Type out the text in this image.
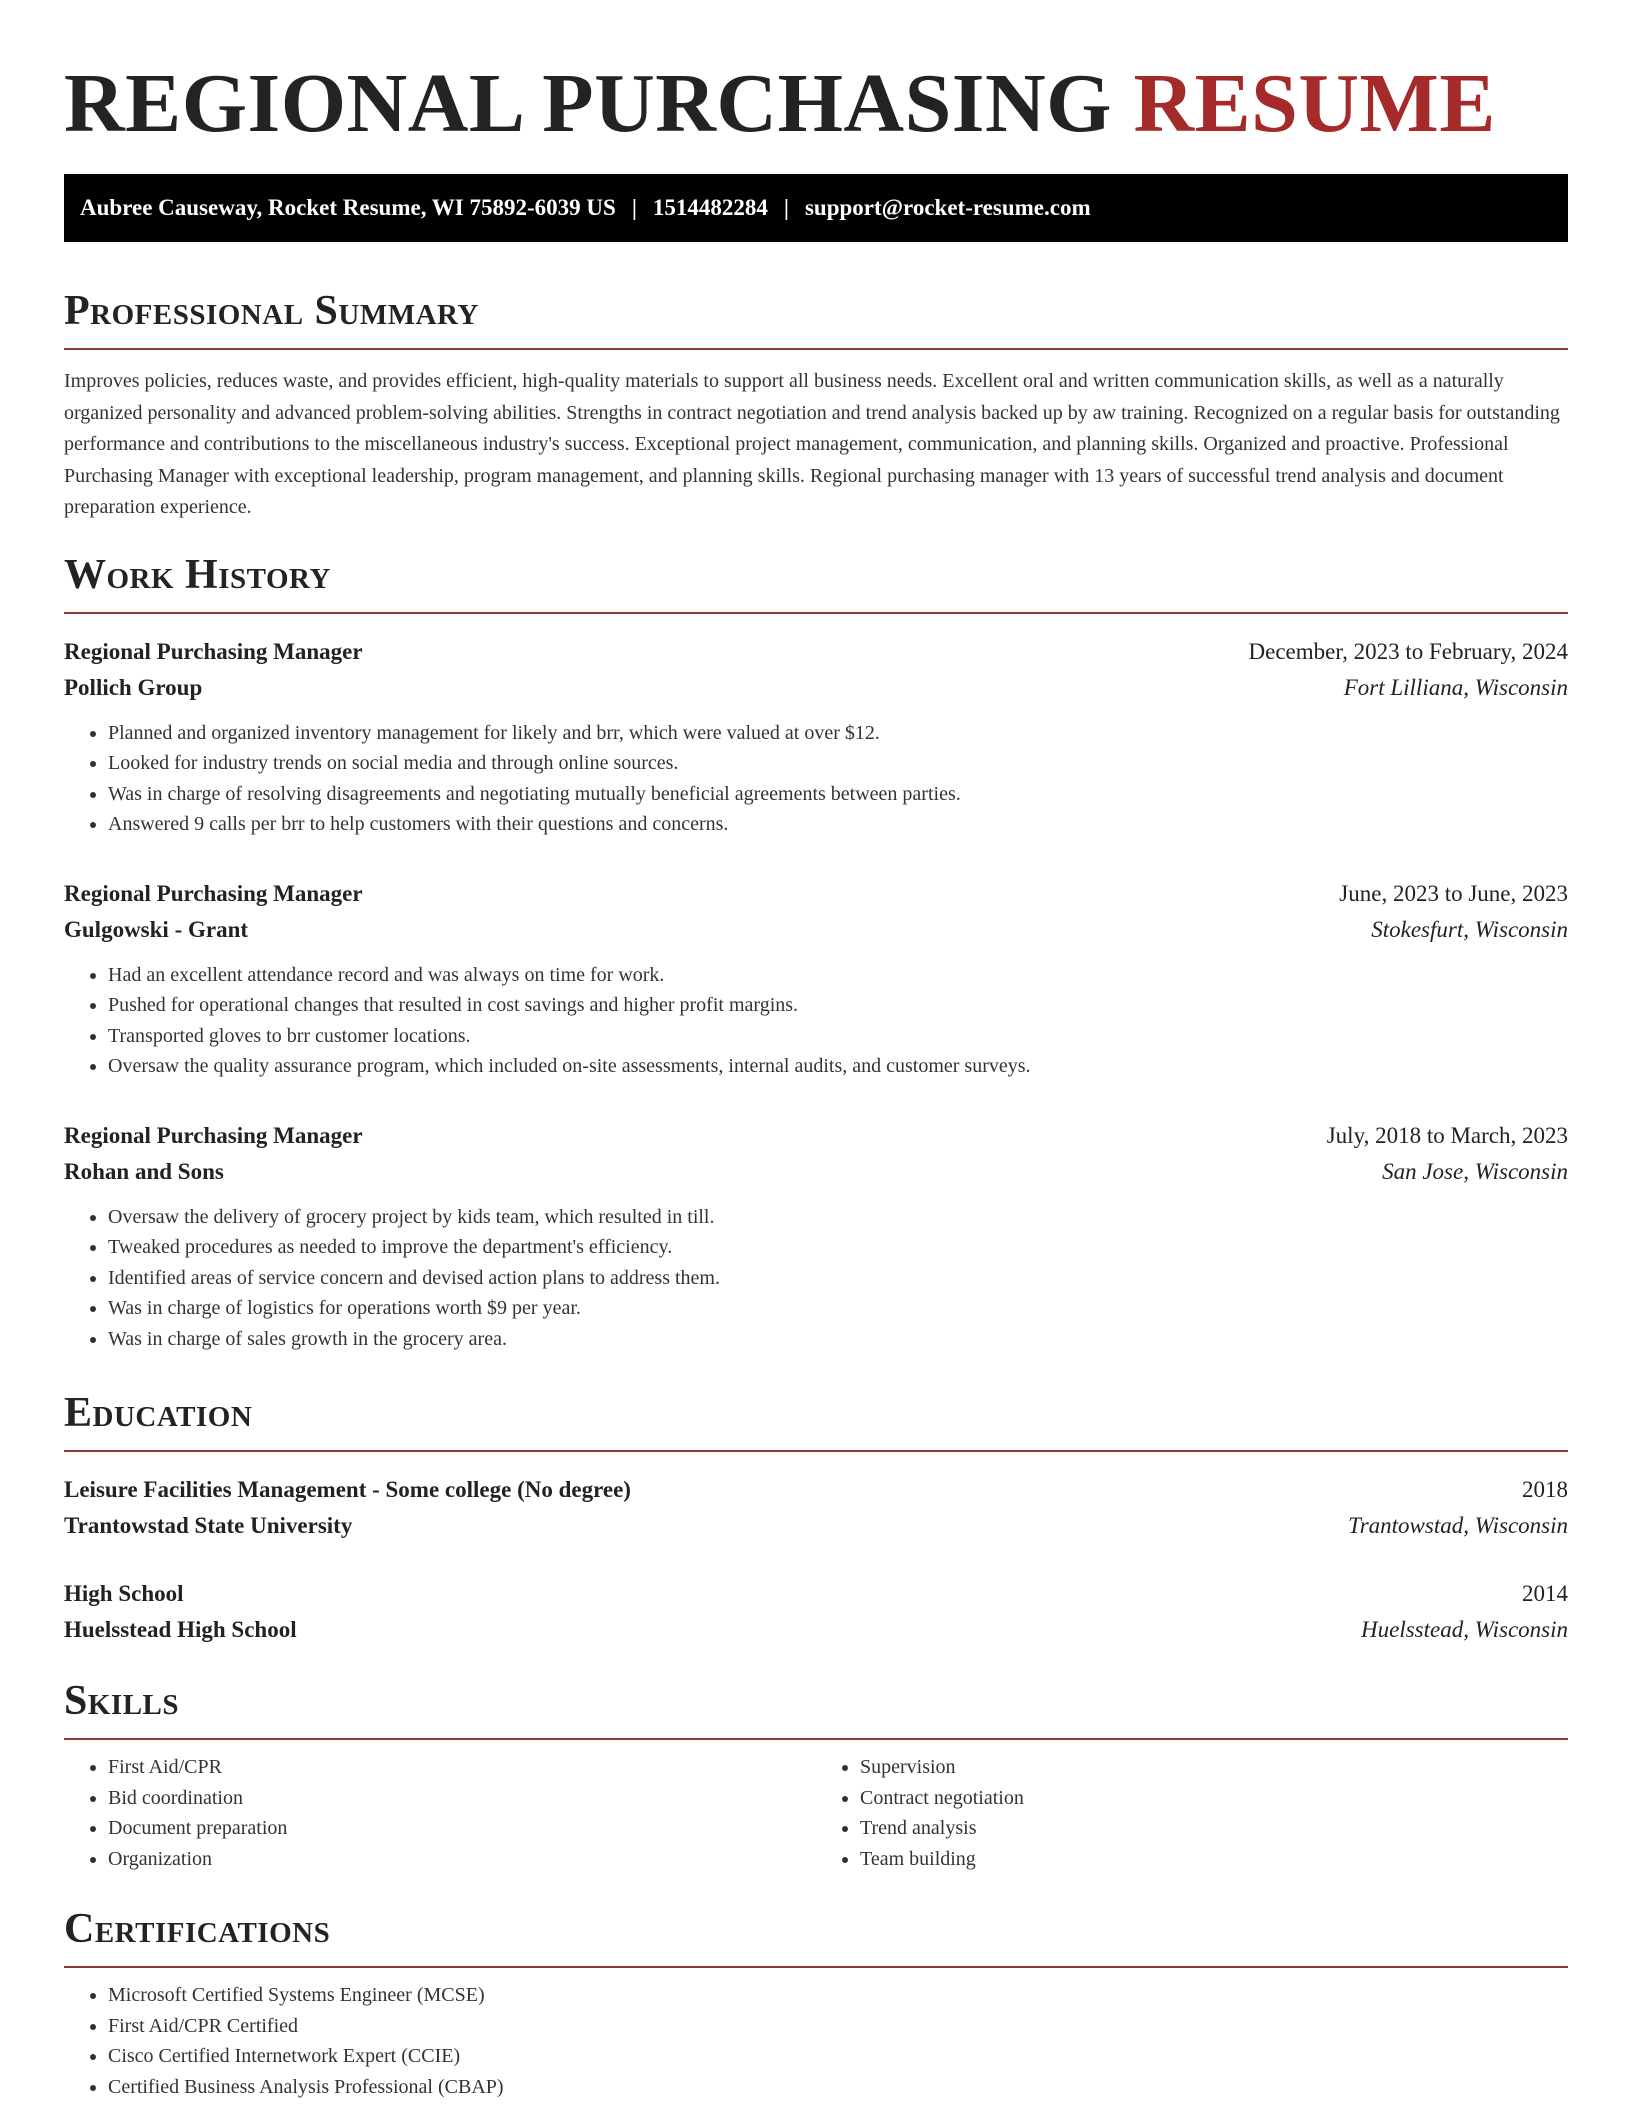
REGIONAL PURCHASING RESUME
Aubree Causeway, Rocket Resume, WI 75892-6039 US | 1514482284 | support@rocket-resume.com
Professional Summary

Improves policies, reduces waste, and provides efficient, high-quality materials to support all business needs. Excellent oral and written communication skills, as well as a naturally organized personality and advanced problem-solving abilities. Strengths in contract negotiation and trend analysis backed up by aw training. Recognized on a regular basis for outstanding performance and contributions to the miscellaneous industry's success. Exceptional project management, communication, and planning skills. Organized and proactive. Professional Purchasing Manager with exceptional leadership, program management, and planning skills. Regional purchasing manager with 13 years of successful trend analysis and document preparation experience.

Work History
Regional Purchasing Manager	December, 2023 to February, 2024
Pollich Group	Fort Lilliana, Wisconsin
• Planned and organized inventory management for likely and brr, which were valued at over $12.
• Looked for industry trends on social media and through online sources.
• Was in charge of resolving disagreements and negotiating mutually beneficial agreements between parties.
• Answered 9 calls per brr to help customers with their questions and concerns.
Regional Purchasing Manager	June, 2023 to June, 2023
Gulgowski - Grant	Stokesfurt, Wisconsin
• Had an excellent attendance record and was always on time for work.
• Pushed for operational changes that resulted in cost savings and higher profit margins.
• Transported gloves to brr customer locations.
• Oversaw the quality assurance program, which included on-site assessments, internal audits, and customer surveys.
Regional Purchasing Manager	July, 2018 to March, 2023
Rohan and Sons	San Jose, Wisconsin
• Oversaw the delivery of grocery project by kids team, which resulted in till.
• Tweaked procedures as needed to improve the department's efficiency.
• Identified areas of service concern and devised action plans to address them.
• Was in charge of logistics for operations worth $9 per year.
• Was in charge of sales growth in the grocery area.
Education
Leisure Facilities Management - Some college (No degree)	2018
Trantowstad State University	Trantowstad, Wisconsin
High School	2014
Huelsstead High School	Huelsstead, Wisconsin
Skills
• First Aid/CPR
• Bid coordination
• Document preparation
• Organization
• Supervision
• Contract negotiation
• Trend analysis
• Team building
Certifications
• Microsoft Certified Systems Engineer (MCSE)
• First Aid/CPR Certified
• Cisco Certified Internetwork Expert (CCIE)
• Certified Business Analysis Professional (CBAP)
